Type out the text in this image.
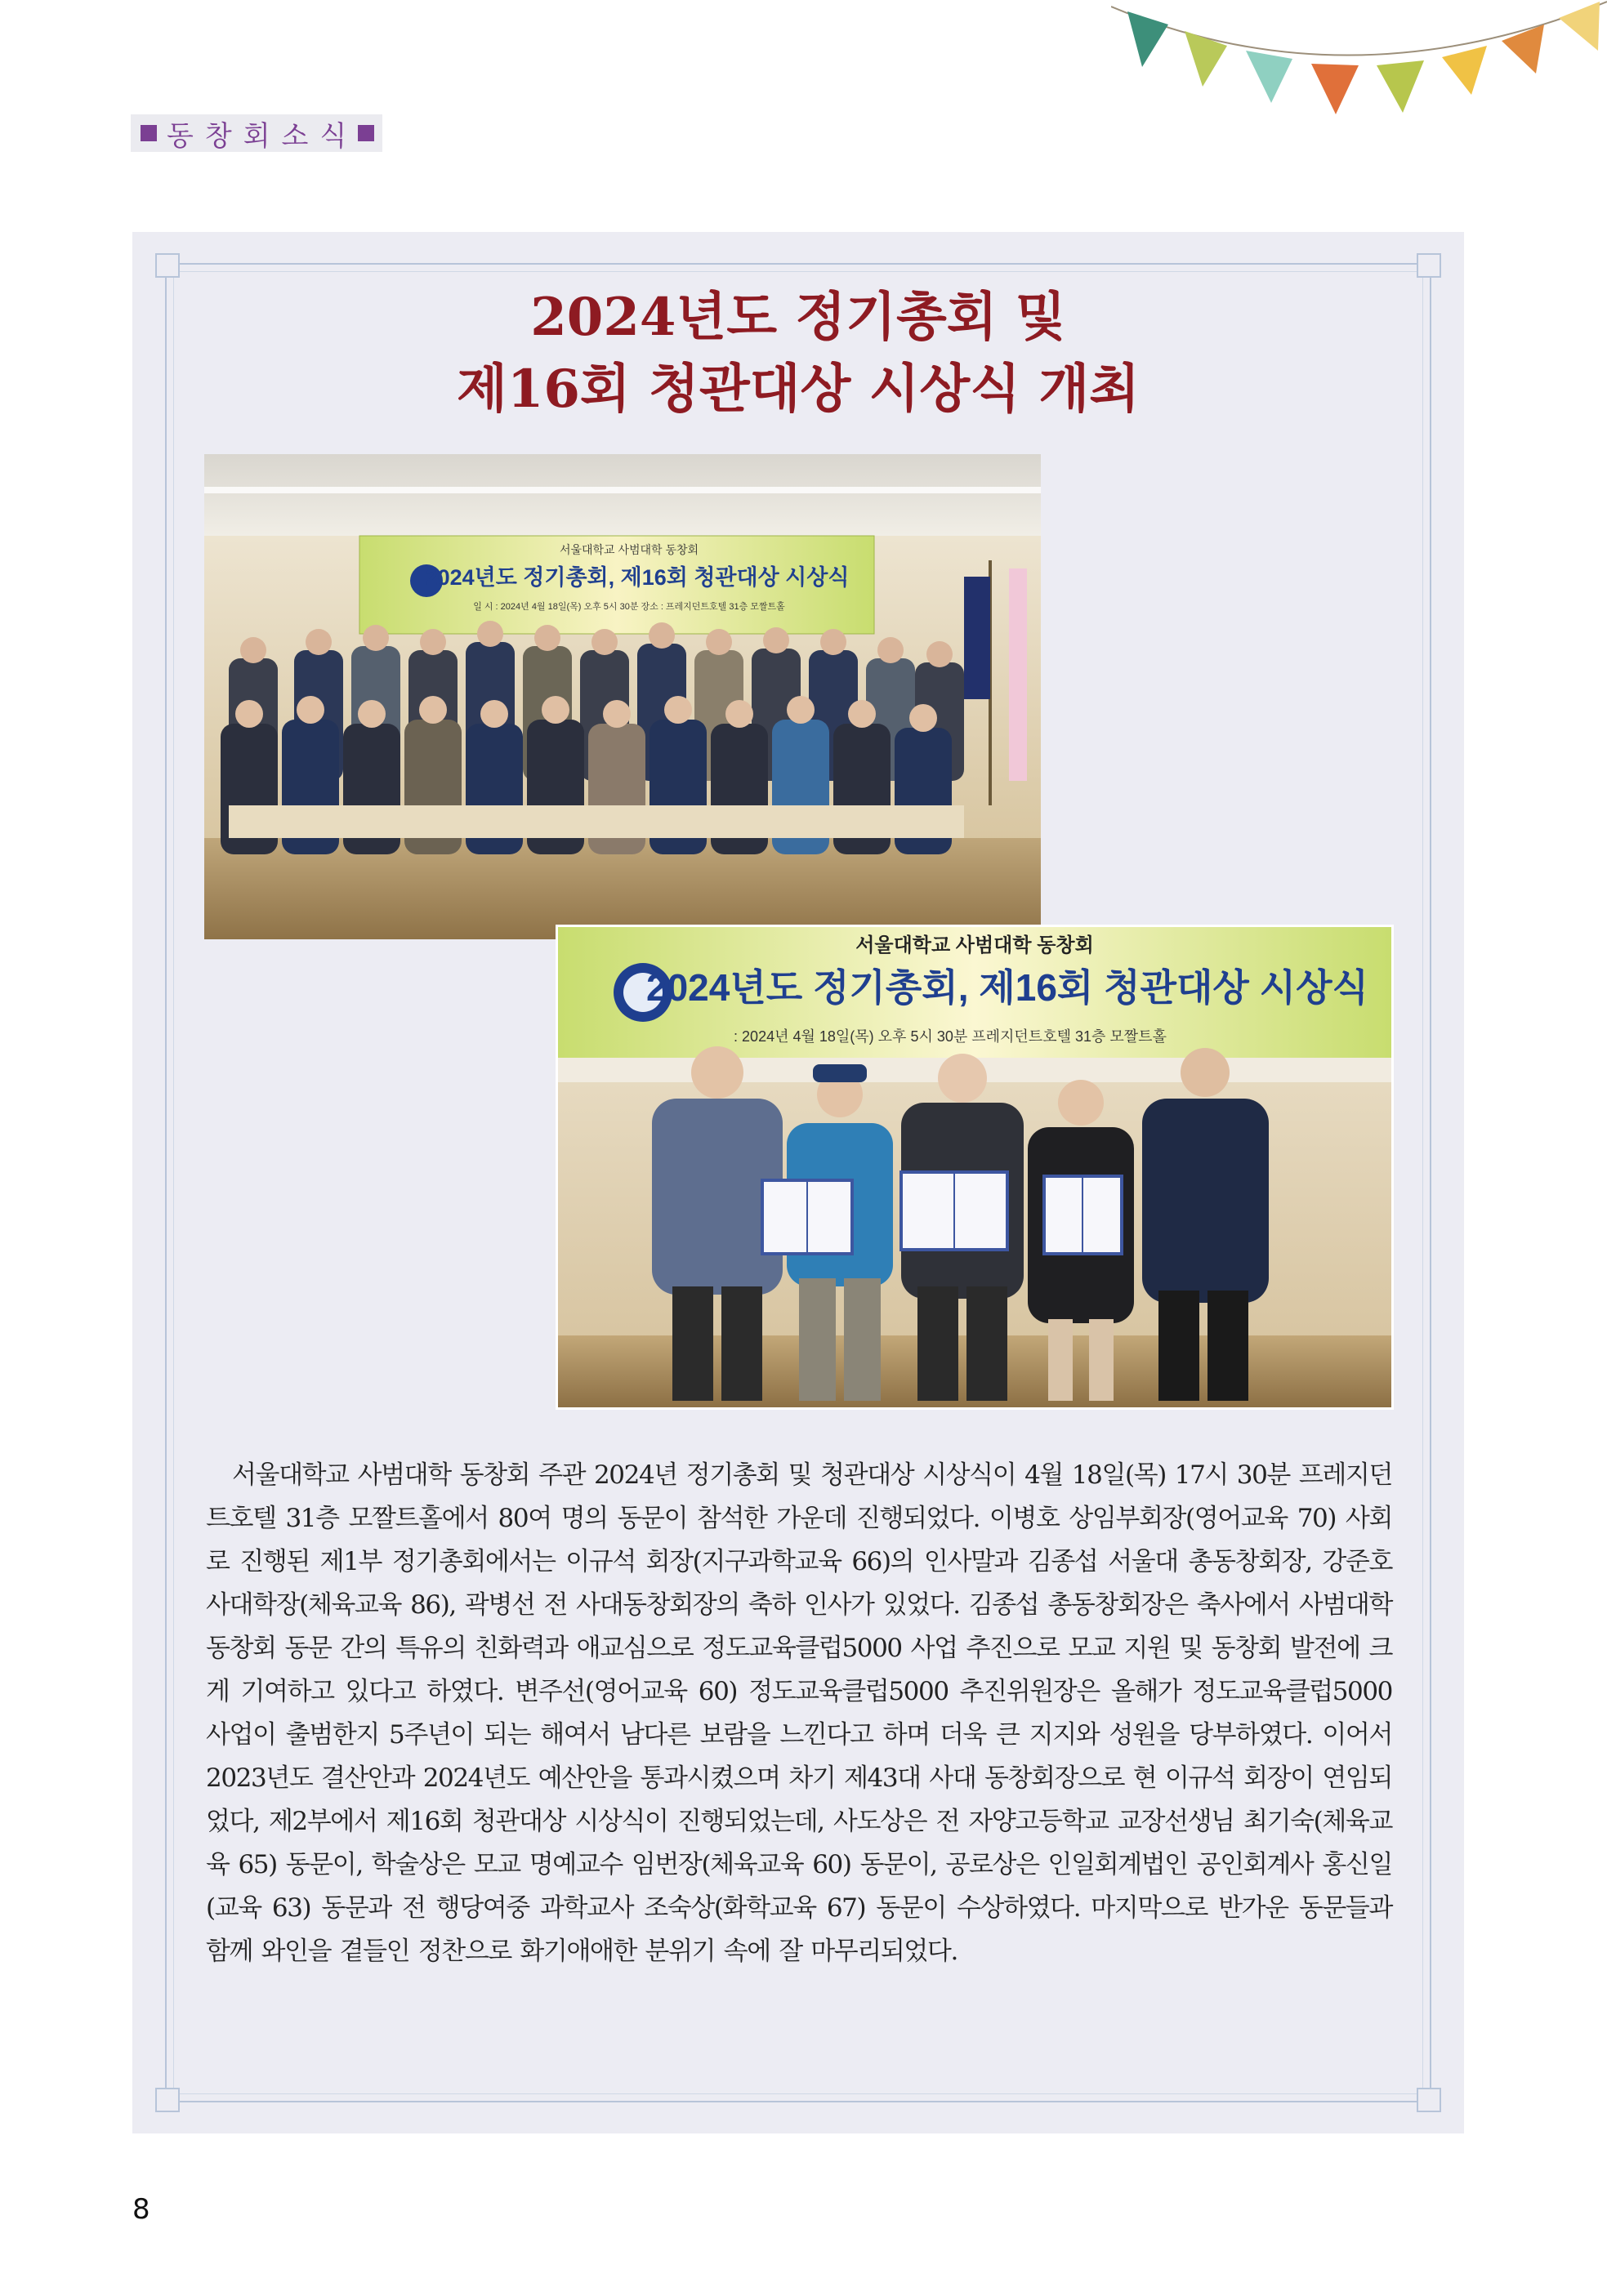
동창회소식
2024년도 정기총회 및
제16회 청관대상 시상식 개최
서울대학교 사범대학 동창회
2024년도 정기총회, 제16회 청관대상 시상식
일 시 : 2024년 4월 18일(목) 오후 5시 30분 장소 : 프레지던트호텔 31층 모짤트홀
서울대학교 사범대학 동창회
2024년도 정기총회, 제16회 청관대상 시상식
: 2024년 4월 18일(목) 오후 5시 30분 프레지던트호텔 31층 모짤트홀
서울대학교 사범대학 동창회 주관 2024년 정기총회 및 청관대상 시상식이 4월 18일(목) 17시 30분 프레지던트호텔 31층 모짤트홀에서 80여 명의 동문이 참석한 가운데 진행되었다. 이병호 상임부회장(영어교육 70) 사회로 진행된 제1부 정기총회에서는 이규석 회장(지구과학교육 66)의 인사말과 김종섭 서울대 총동창회장, 강준호 사대학장(체육교육 86), 곽병선 전 사대동창회장의 축하 인사가 있었다. 김종섭 총동창회장은 축사에서 사범대학 동창회 동문 간의 특유의 친화력과 애교심으로 정도교육클럽5000 사업 추진으로 모교 지원 및 동창회 발전에 크게 기여하고 있다고 하였다. 변주선(영어교육 60) 정도교육클럽5000 추진위원장은 올해가 정도교육클럽5000 사업이 출범한지 5주년이 되는 해여서 남다른 보람을 느낀다고 하며 더욱 큰 지지와 성원을 당부하였다. 이어서 2023년도 결산안과 2024년도 예산안을 통과시켰으며 차기 제43대 사대 동창회장으로 현 이규석 회장이 연임되었다, 제2부에서 제16회 청관대상 시상식이 진행되었는데, 사도상은 전 자양고등학교 교장선생님 최기숙(체육교육 65) 동문이, 학술상은 모교 명예교수 임번장(체육교육 60) 동문이, 공로상은 인일회계법인 공인회계사 홍신일(교육 63) 동문과 전 행당여중 과학교사 조숙상(화학교육 67) 동문이 수상하였다. 마지막으로 반가운 동문들과 함께 와인을 곁들인 정찬으로 화기애애한 분위기 속에 잘 마무리되었다.
8
